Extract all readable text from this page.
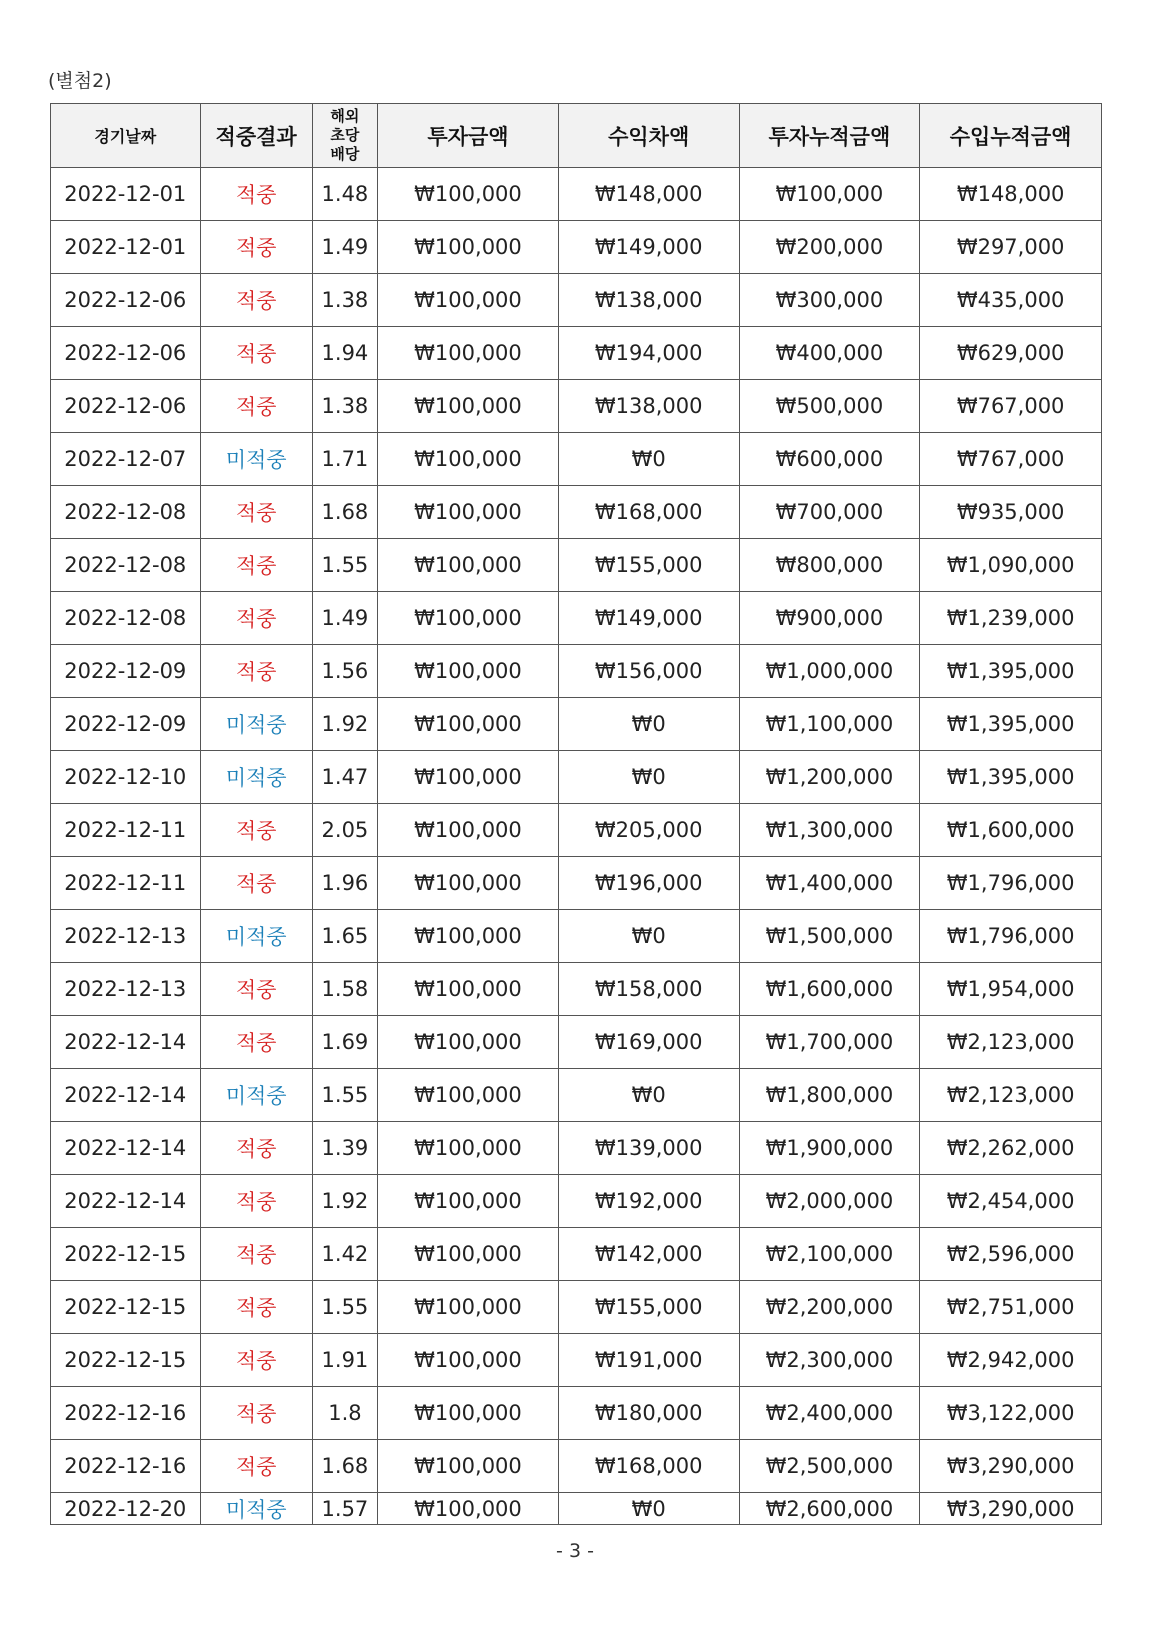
(별첨2)
경기날짜	적중결과	해외
초당
배당	투자금액	수익차액	투자누적금액	수입누적금액
2022-12-01	적중	1.48	₩100,000	₩148,000	₩100,000	₩148,000
2022-12-01	적중	1.49	₩100,000	₩149,000	₩200,000	₩297,000
2022-12-06	적중	1.38	₩100,000	₩138,000	₩300,000	₩435,000
2022-12-06	적중	1.94	₩100,000	₩194,000	₩400,000	₩629,000
2022-12-06	적중	1.38	₩100,000	₩138,000	₩500,000	₩767,000
2022-12-07	미적중	1.71	₩100,000	₩0	₩600,000	₩767,000
2022-12-08	적중	1.68	₩100,000	₩168,000	₩700,000	₩935,000
2022-12-08	적중	1.55	₩100,000	₩155,000	₩800,000	₩1,090,000
2022-12-08	적중	1.49	₩100,000	₩149,000	₩900,000	₩1,239,000
2022-12-09	적중	1.56	₩100,000	₩156,000	₩1,000,000	₩1,395,000
2022-12-09	미적중	1.92	₩100,000	₩0	₩1,100,000	₩1,395,000
2022-12-10	미적중	1.47	₩100,000	₩0	₩1,200,000	₩1,395,000
2022-12-11	적중	2.05	₩100,000	₩205,000	₩1,300,000	₩1,600,000
2022-12-11	적중	1.96	₩100,000	₩196,000	₩1,400,000	₩1,796,000
2022-12-13	미적중	1.65	₩100,000	₩0	₩1,500,000	₩1,796,000
2022-12-13	적중	1.58	₩100,000	₩158,000	₩1,600,000	₩1,954,000
2022-12-14	적중	1.69	₩100,000	₩169,000	₩1,700,000	₩2,123,000
2022-12-14	미적중	1.55	₩100,000	₩0	₩1,800,000	₩2,123,000
2022-12-14	적중	1.39	₩100,000	₩139,000	₩1,900,000	₩2,262,000
2022-12-14	적중	1.92	₩100,000	₩192,000	₩2,000,000	₩2,454,000
2022-12-15	적중	1.42	₩100,000	₩142,000	₩2,100,000	₩2,596,000
2022-12-15	적중	1.55	₩100,000	₩155,000	₩2,200,000	₩2,751,000
2022-12-15	적중	1.91	₩100,000	₩191,000	₩2,300,000	₩2,942,000
2022-12-16	적중	1.8	₩100,000	₩180,000	₩2,400,000	₩3,122,000
2022-12-16	적중	1.68	₩100,000	₩168,000	₩2,500,000	₩3,290,000
2022-12-20	미적중	1.57	₩100,000	₩0	₩2,600,000	₩3,290,000
- 3 -
